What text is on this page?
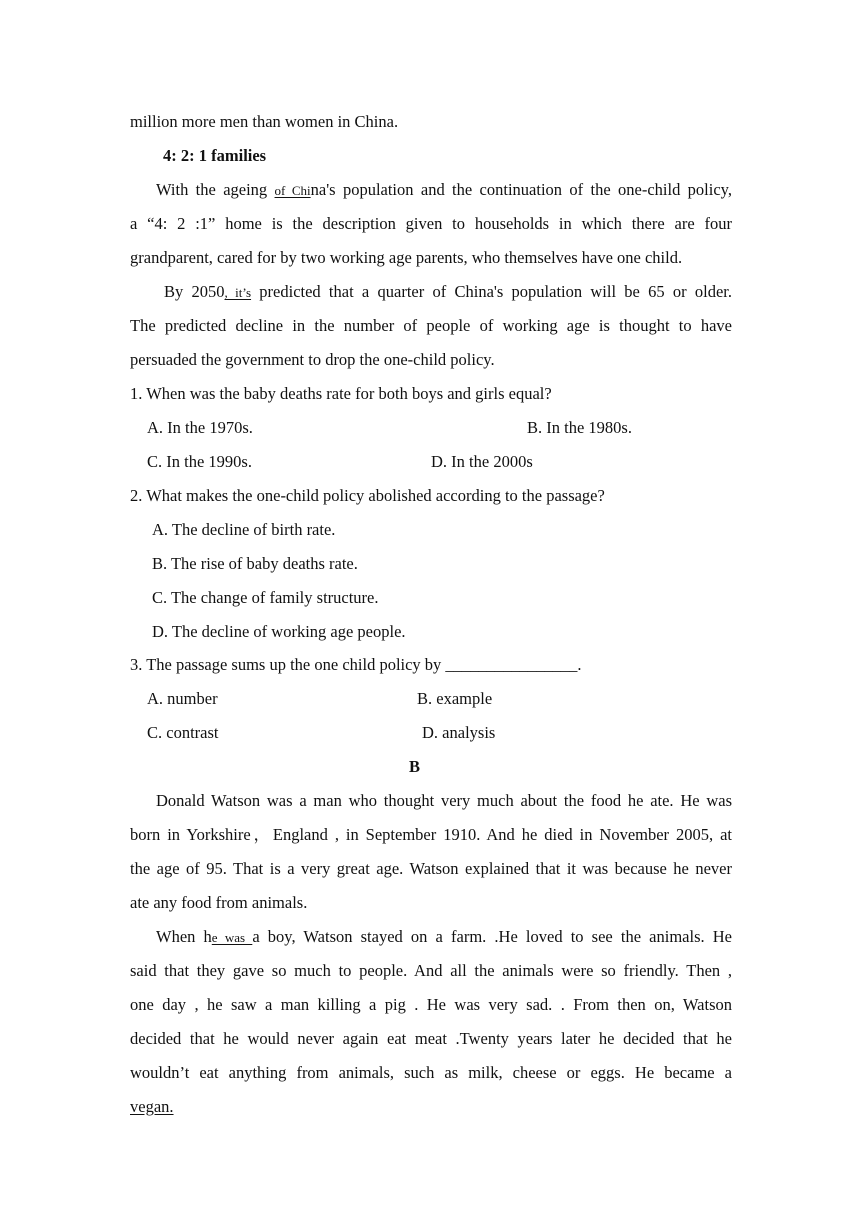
million more men than women in China.
4: 2: 1 families
With the ageing of China's population and the continuation of the one-child policy,
a “4: 2 :1” home is the description given to households in which there are four
grandparent, cared for by two working age parents, who themselves have one child.
By 2050, it’s predicted that a quarter of China's population will be 65 or older.
The predicted decline in the number of people of working age is thought to have
persuaded the government to drop the one-child policy.
1. When was the baby deaths rate for both boys and girls equal?
A. In the 1970s.	B. In the 1980s.
C. In the 1990s.	D. In the 2000s
2. What makes the one-child policy abolished according to the passage?
A. The decline of birth rate.
B. The rise of baby deaths rate.
C. The change of family structure.
D. The decline of working age people.
3. The passage sums up the one child policy by ________________.
A. number	B. example
C. contrast	D. analysis
B
Donald Watson was a man who thought very much about the food he ate. He was
born in Yorkshire，England , in September 1910. And he died in November 2005, at
the age of 95. That is a very great age. Watson explained that it was because he never
ate any food from animals.
When he was a boy, Watson stayed on a farm. .He loved to see the animals. He
said that they gave so much to people. And all the animals were so friendly. Then ,
one day , he saw a man killing a pig . He was very sad. . From then on, Watson
decided that he would never again eat meat .Twenty years later he decided that he
wouldn’t eat anything from animals, such as milk, cheese or eggs. He became a
vegan.
